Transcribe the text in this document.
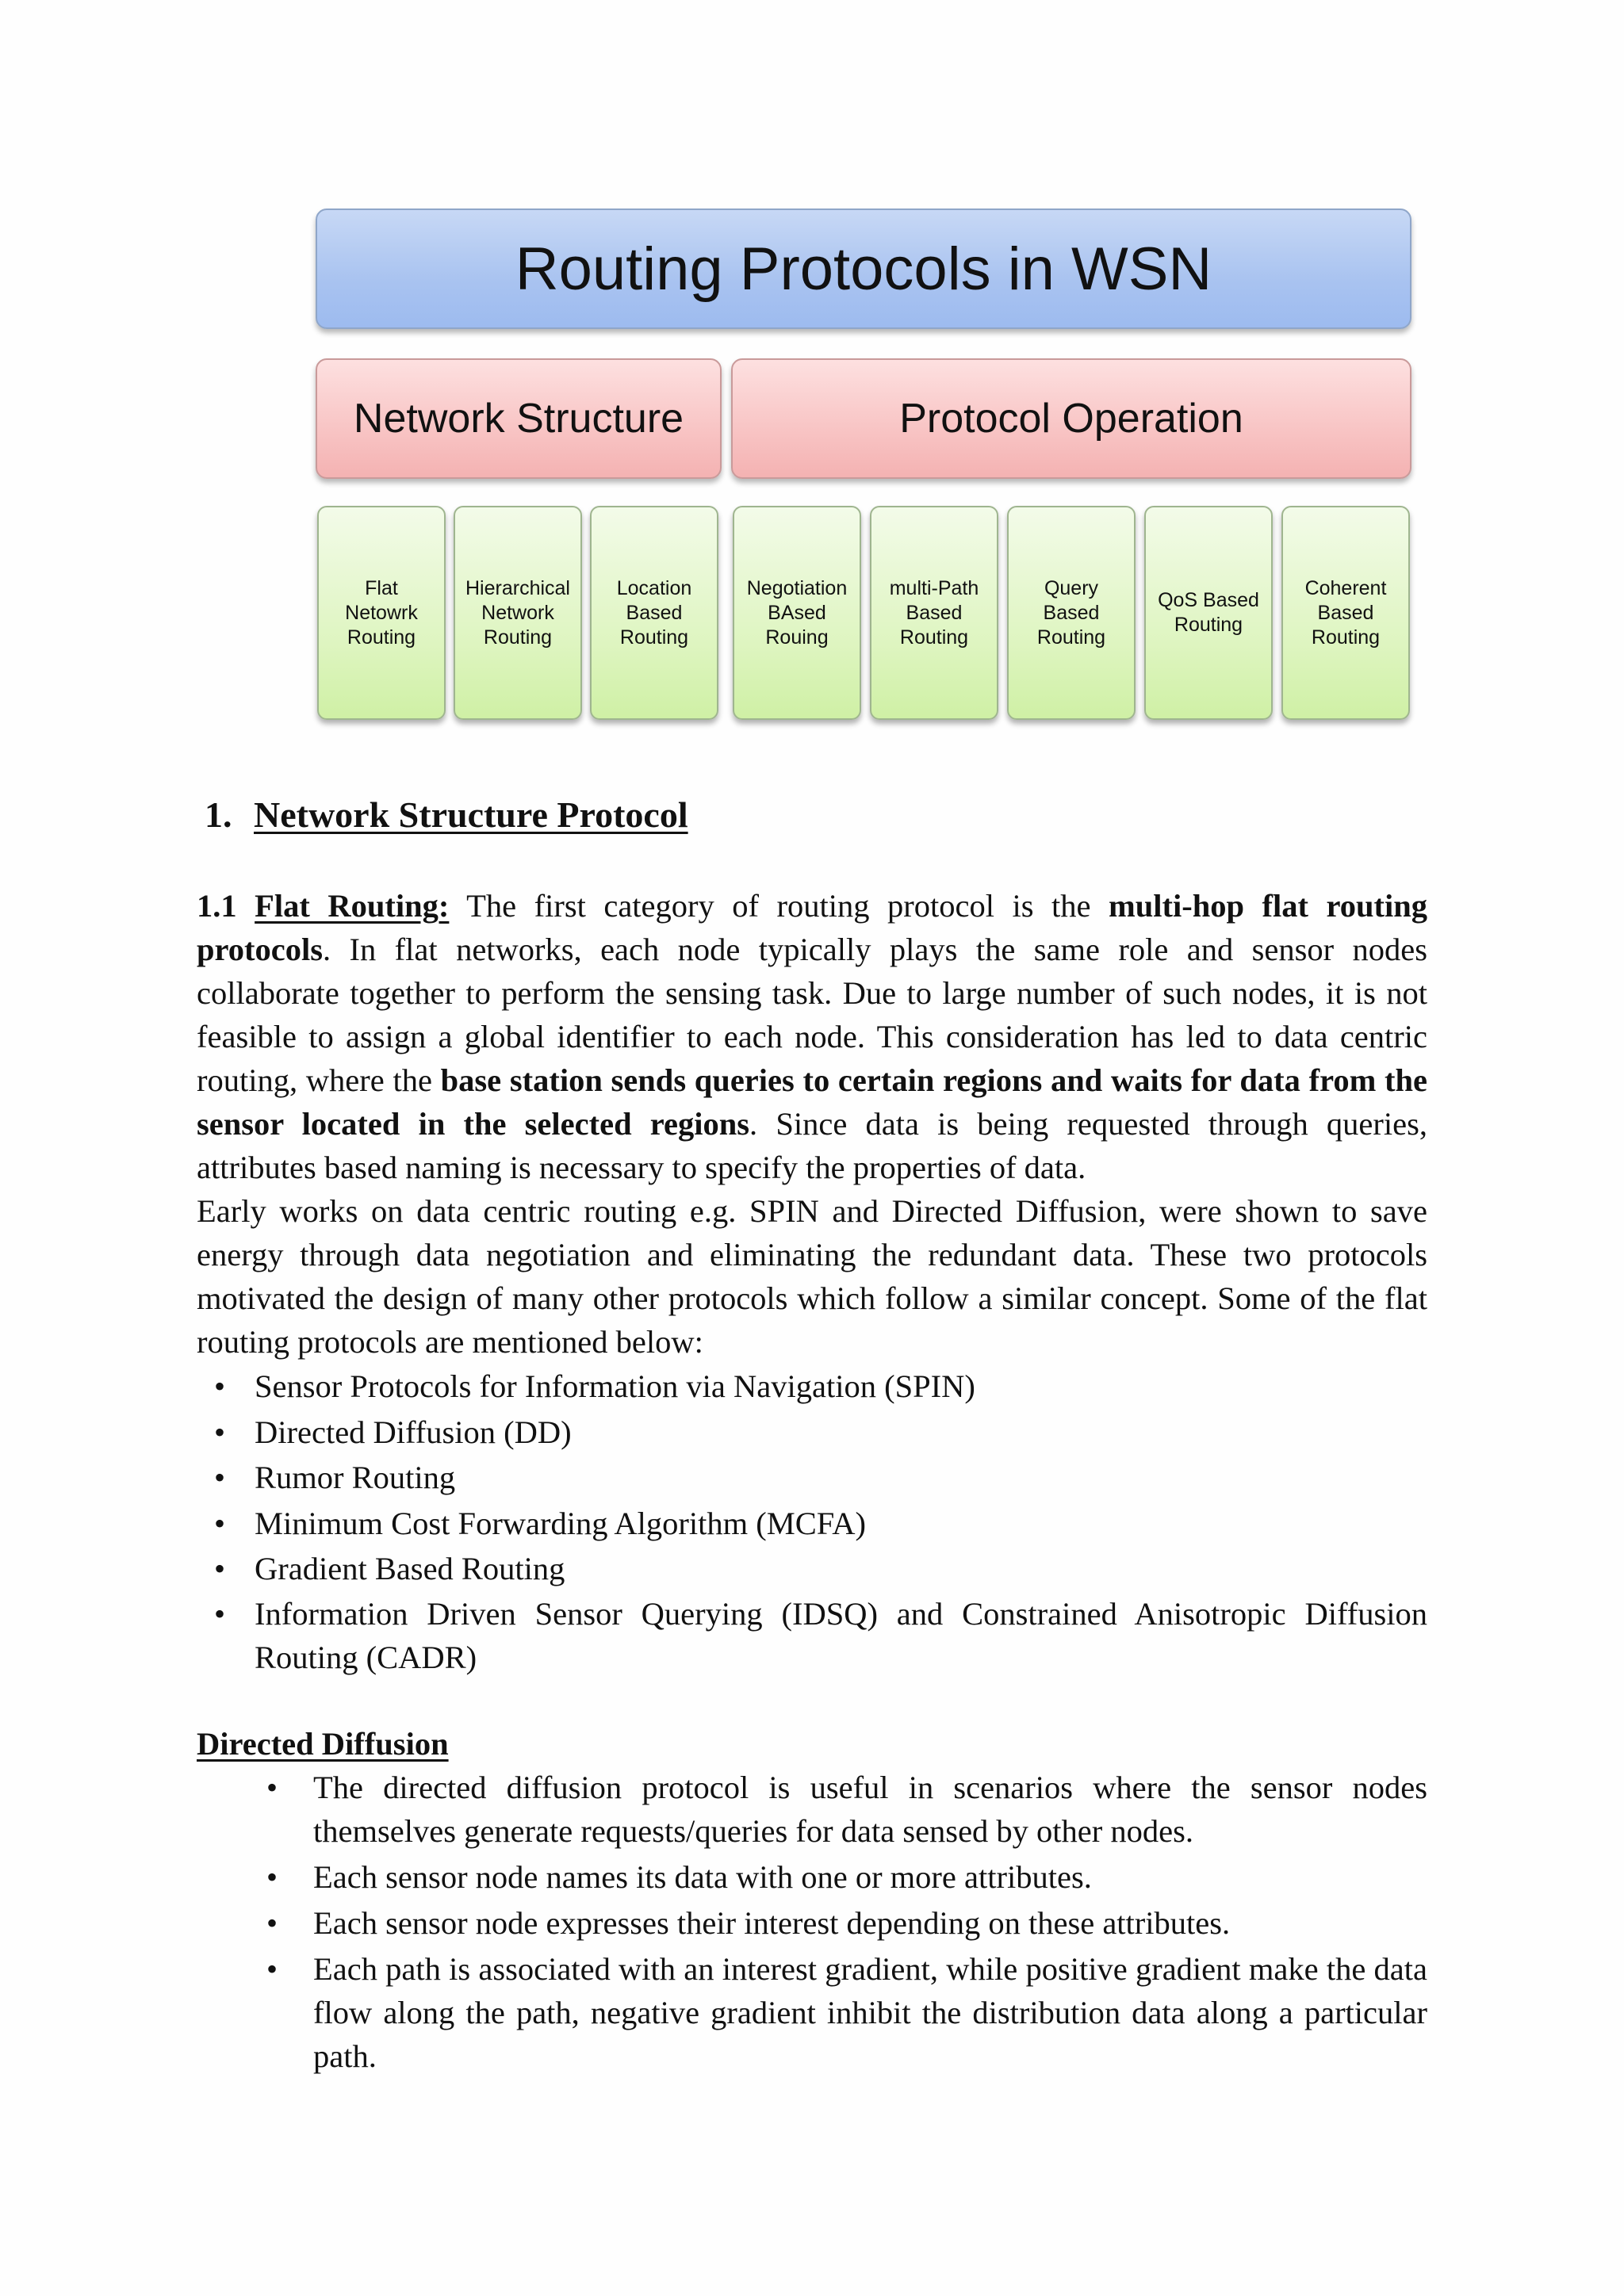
Routing Protocols in WSN
Network Structure	Protocol Operation
Flat
Netowrk
Routing
Hierarchical
Network
Routing
Location
Based
Routing
Negotiation
BAsed
Rouing
multi-Path
Based
Routing
Query
Based
Routing
QoS Based
Routing
Coherent
Based
Routing
1. Network Structure Protocol

1.1 Flat Routing: The first category of routing protocol is the multi-hop flat routing protocols. In flat networks, each node typically plays the same role and sensor nodes collaborate together to perform the sensing task. Due to large number of such nodes, it is not feasible to assign a global identifier to each node. This consideration has led to data centric routing, where the base station sends queries to certain regions and waits for data from the sensor located in the selected regions. Since data is being requested through queries, attributes based naming is necessary to specify the properties of data.

Early works on data centric routing e.g. SPIN and Directed Diffusion, were shown to save energy through data negotiation and eliminating the redundant data. These two protocols motivated the design of many other protocols which follow a similar concept. Some of the flat routing protocols are mentioned below:

• Sensor Protocols for Information via Navigation (SPIN)
• Directed Diffusion (DD)
• Rumor Routing
• Minimum Cost Forwarding Algorithm (MCFA)
• Gradient Based Routing
• Information Driven Sensor Querying (IDSQ) and Constrained Anisotropic Diffusion Routing (CADR)
Directed Diffusion
• The directed diffusion protocol is useful in scenarios where the sensor nodes themselves generate requests/queries for data sensed by other nodes.
• Each sensor node names its data with one or more attributes.
• Each sensor node expresses their interest depending on these attributes.
• Each path is associated with an interest gradient, while positive gradient make the data flow along the path, negative gradient inhibit the distribution data along a particular path.
